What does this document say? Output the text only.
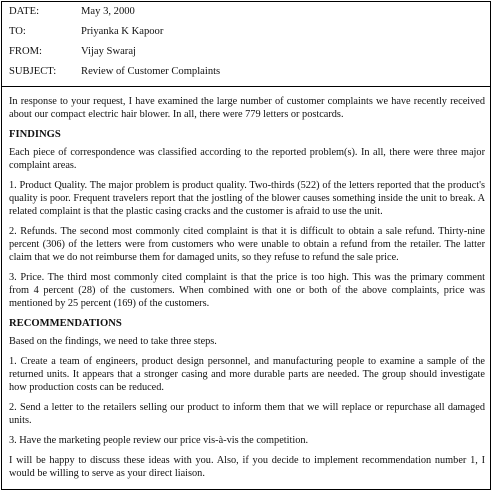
DATE:	May 3, 2000
TO:	Priyanka K Kapoor
FROM:	Vijay Swaraj
SUBJECT: Review of Customer Complaints

In response to your request, I have examined the large number of customer complaints we have recently received about our compact electric hair blower. In all, there were 779 letters or postcards.

FINDINGS

Each piece of correspondence was classified according to the reported problem(s). In all, there were three major complaint areas.

1. Product Quality. The major problem is product quality. Two-thirds (522) of the letters reported that the product's quality is poor. Frequent travelers report that the jostling of the blower causes something inside the unit to break. A related complaint is that the plastic casing cracks and the customer is afraid to use the unit.

2. Refunds. The second most commonly cited complaint is that it is difficult to obtain a sale refund. Thirty-nine percent (306) of the letters were from customers who were unable to obtain a refund from the retailer. The latter claim that we do not reimburse them for damaged units, so they refuse to refund the sale price.

3. Price. The third most commonly cited complaint is that the price is too high. This was the primary comment from 4 percent (28) of the customers. When combined with one or both of the above complaints, price was mentioned by 25 percent (169) of the customers.

RECOMMENDATIONS

Based on the findings, we need to take three steps.

1. Create a team of engineers, product design personnel, and manufacturing people to examine a sample of the returned units. It appears that a stronger casing and more durable parts are needed. The group should investigate how production costs can be reduced.

2. Send a letter to the retailers selling our product to inform them that we will replace or repurchase all damaged units.

3. Have the marketing people review our price vis-à-vis the competition.

I will be happy to discuss these ideas with you. Also, if you decide to implement recommendation number 1, I would be willing to serve as your direct liaison.
